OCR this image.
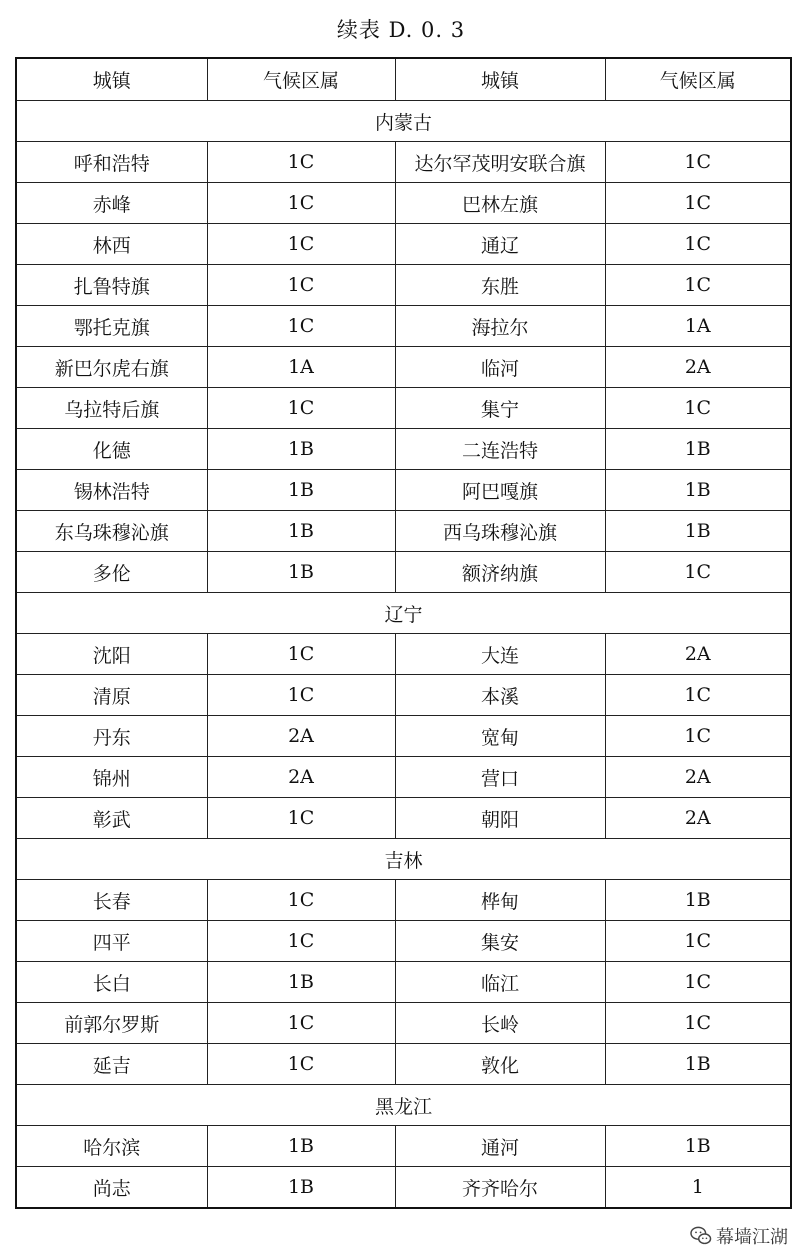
续表 D. 0. 3
城镇	气候区属	城镇	气候区属
内蒙古			
呼和浩特	1C	达尔罕茂明安联合旗	1C
赤峰	1C	巴林左旗	1C
林西	1C	通辽	1C
扎鲁特旗	1C	东胜	1C
鄂托克旗	1C	海拉尔	1A
新巴尔虎右旗	1A	临河	2A
乌拉特后旗	1C	集宁	1C
化德	1B	二连浩特	1B
锡林浩特	1B	阿巴嘎旗	1B
东乌珠穆沁旗	1B	西乌珠穆沁旗	1B
多伦	1B	额济纳旗	1C
辽宁			
沈阳	1C	大连	2A
清原	1C	本溪	1C
丹东	2A	宽甸	1C
锦州	2A	营口	2A
彰武	1C	朝阳	2A
吉林			
长春	1C	桦甸	1B
四平	1C	集安	1C
长白	1B	临江	1C
前郭尔罗斯	1C	长岭	1C
延吉	1C	敦化	1B
黑龙江			
哈尔滨	1B	通河	1B
尚志	1B	齐齐哈尔	1
幕墙江湖
